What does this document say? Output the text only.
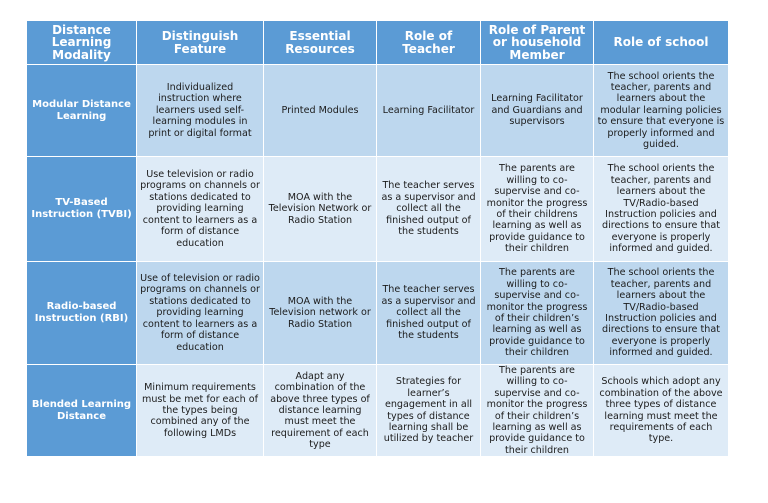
Distance Learning Modality	Distinguish Feature	Essential Resources	Role of Teacher	Role of Parent or household Member	Role of school
Modular Distance Learning	Individualized instruction where learners used self-learning modules in print or digital format	Printed Modules	Learning Facilitator	Learning Facilitator and Guardians and supervisors	The school orients the teacher, parents and learners about the modular learning policies to ensure that everyone is properly informed and guided.
TV-Based Instruction (TVBI)	Use television or radio programs on channels or stations dedicated to providing learning content to learners as a form of distance education	MOA with the Television Network or Radio Station	The teacher serves as a supervisor and collect all the finished output of the students	The parents are willing to co-supervise and co-monitor the progress of their childrens learning as well as provide guidance to their children	The school orients the teacher, parents and learners about the TV/Radio-based Instruction policies and directions to ensure that everyone is properly informed and guided.
Radio-based Instruction (RBI)	Use of television or radio programs on channels or stations dedicated to providing learning content to learners as a form of distance education	MOA with the Television network or Radio Station	The teacher serves as a supervisor and collect all the finished output of the students	The parents are willing to co-supervise and co-monitor the progress of their children’s learning as well as provide guidance to their children	The school orients the teacher, parents and learners about the TV/Radio-based Instruction policies and directions to ensure that everyone is properly informed and guided.
Blended Learning Distance	Minimum requirements must be met for each of the types being combined any of the following LMDs	Adapt any combination of the above three types of distance learning must meet the requirement of each type	Strategies for learner’s engagement in all types of distance learning shall be utilized by teacher	The parents are willing to co-supervise and co-monitor the progress of their children’s learning as well as provide guidance to their children	Schools which adopt any combination of the above three types of distance learning must meet the requirements of each type.
